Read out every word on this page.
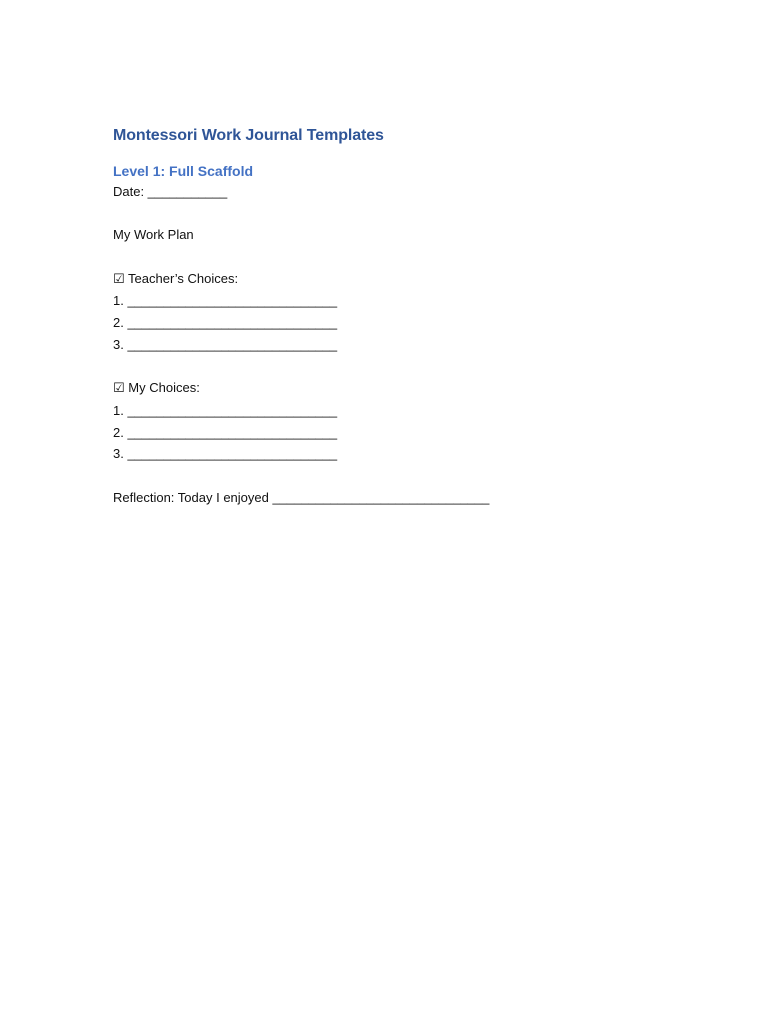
Montessori Work Journal Templates
Level 1: Full Scaffold

Date: ___________

My Work Plan

☑ Teacher’s Choices:

1. _____________________________

2. _____________________________

3. _____________________________

☑ My Choices:

1. _____________________________

2. _____________________________

3. _____________________________

Reflection: Today I enjoyed ______________________________
